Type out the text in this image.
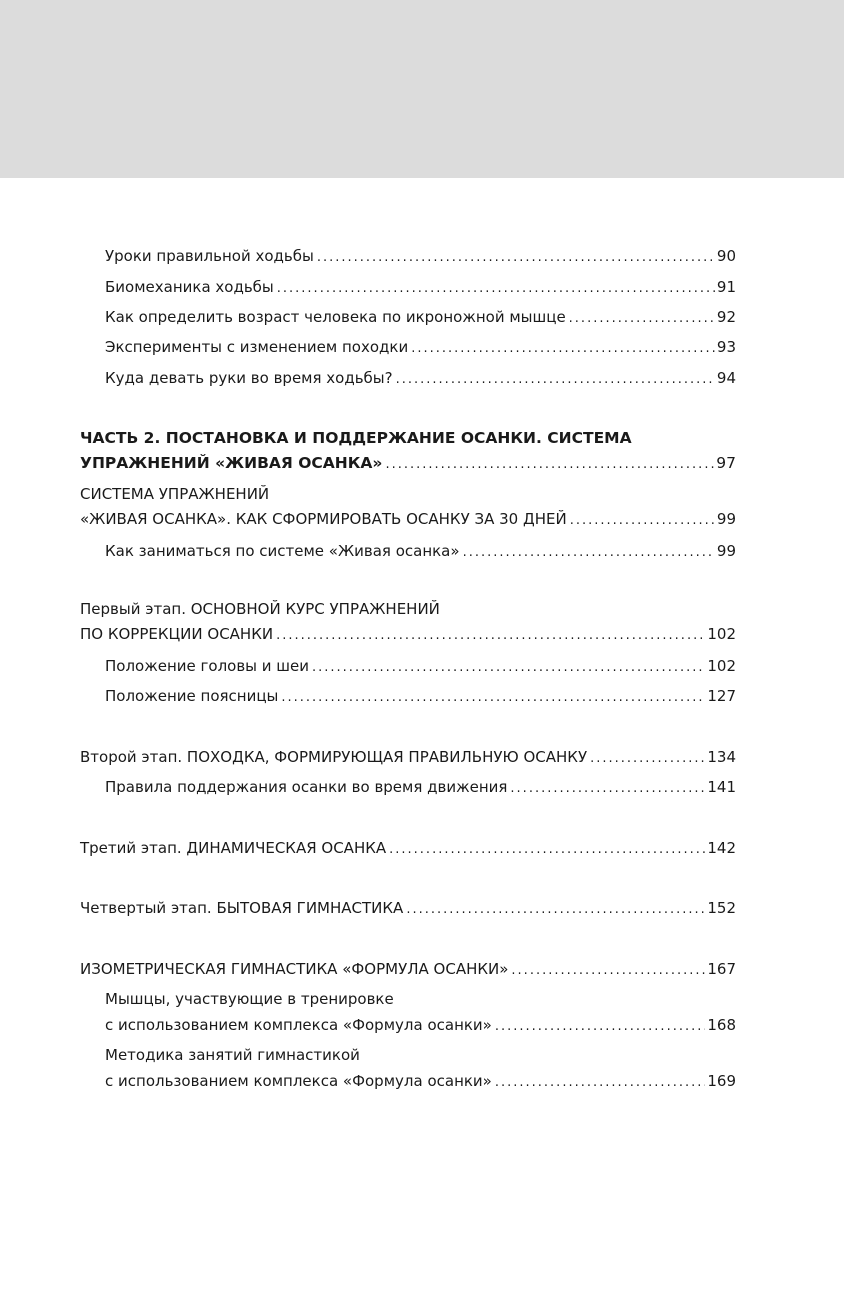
Уроки правильной ходьбы .....	90
Биомеханика ходьбы .....	91
Как определить возраст человека по икроножной мышце .....	92
Эксперименты с изменением походки .....	93
Куда девать руки во время ходьбы? .....	94
ЧАСТЬ 2. ПОСТАНОВКА И ПОДДЕРЖАНИЕ ОСАНКИ. СИСТЕМА
УПРАЖНЕНИЙ «ЖИВАЯ ОСАНКА» .....	97
СИСТЕМА УПРАЖНЕНИЙ
«ЖИВАЯ ОСАНКА». КАК СФОРМИРОВАТЬ ОСАНКУ ЗА 30 ДНЕЙ .....	99
Как заниматься по системе «Живая осанка» .....	99
Первый этап. ОСНОВНОЙ КУРС УПРАЖНЕНИЙ
ПО КОРРЕКЦИИ ОСАНКИ .....	102
Положение головы и шеи .....	102
Положение поясницы .....	127
Второй этап. ПОХОДКА, ФОРМИРУЮЩАЯ ПРАВИЛЬНУЮ ОСАНКУ .....	134
Правила поддержания осанки во время движения .....	141
Третий этап. ДИНАМИЧЕСКАЯ ОСАНКА .....	142
Четвертый этап. БЫТОВАЯ ГИМНАСТИКА .....	152
ИЗОМЕТРИЧЕСКАЯ ГИМНАСТИКА «ФОРМУЛА ОСАНКИ» .....	167
Мышцы, участвующие в тренировке
с использованием комплекса «Формула осанки» .....	168
Методика занятий гимнастикой
с использованием комплекса «Формула осанки» .....	169
